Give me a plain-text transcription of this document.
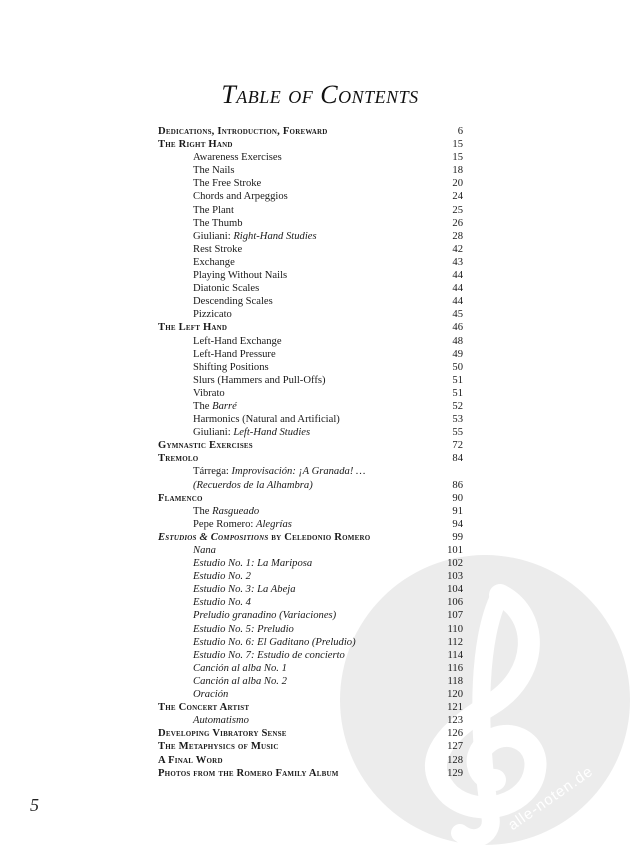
alle-noten.de
Table of Contents
Dedications, Introduction, Foreward	6
The Right Hand	15
Awareness Exercises	15
The Nails	18
The Free Stroke	20
Chords and Arpeggios	24
The Plant	25
The Thumb	26
Giuliani: Right-Hand Studies	28
Rest Stroke	42
Exchange	43
Playing Without Nails	44
Diatonic Scales	44
Descending Scales	44
Pizzicato	45
The Left Hand	46
Left-Hand Exchange	48
Left-Hand Pressure	49
Shifting Positions	50
Slurs (Hammers and Pull-Offs)	51
Vibrato	51
The Barré	52
Harmonics (Natural and Artificial)	53
Giuliani: Left-Hand Studies	55
Gymnastic Exercises	72
Tremolo	84
Tárrega: Improvisación: ¡A Granada! …
(Recuerdos de la Alhambra)	86
Flamenco	90
The Rasgueado	91
Pepe Romero: Alegrías	94
Estudios & Compositions by Celedonio Romero	99
Nana	101
Estudio No. 1: La Mariposa	102
Estudio No. 2	103
Estudio No. 3: La Abeja	104
Estudio No. 4	106
Preludio granadino (Variaciones)	107
Estudio No. 5: Preludio	110
Estudio No. 6: El Gaditano (Preludio)	112
Estudio No. 7: Estudio de concierto	114
Canción al alba No. 1	116
Canción al alba No. 2	118
Oración	120
The Concert Artist	121
Automatismo	123
Developing Vibratory Sense	126
The Metaphysics of Music	127
A Final Word	128
Photos from the Romero Family Album	129
5
